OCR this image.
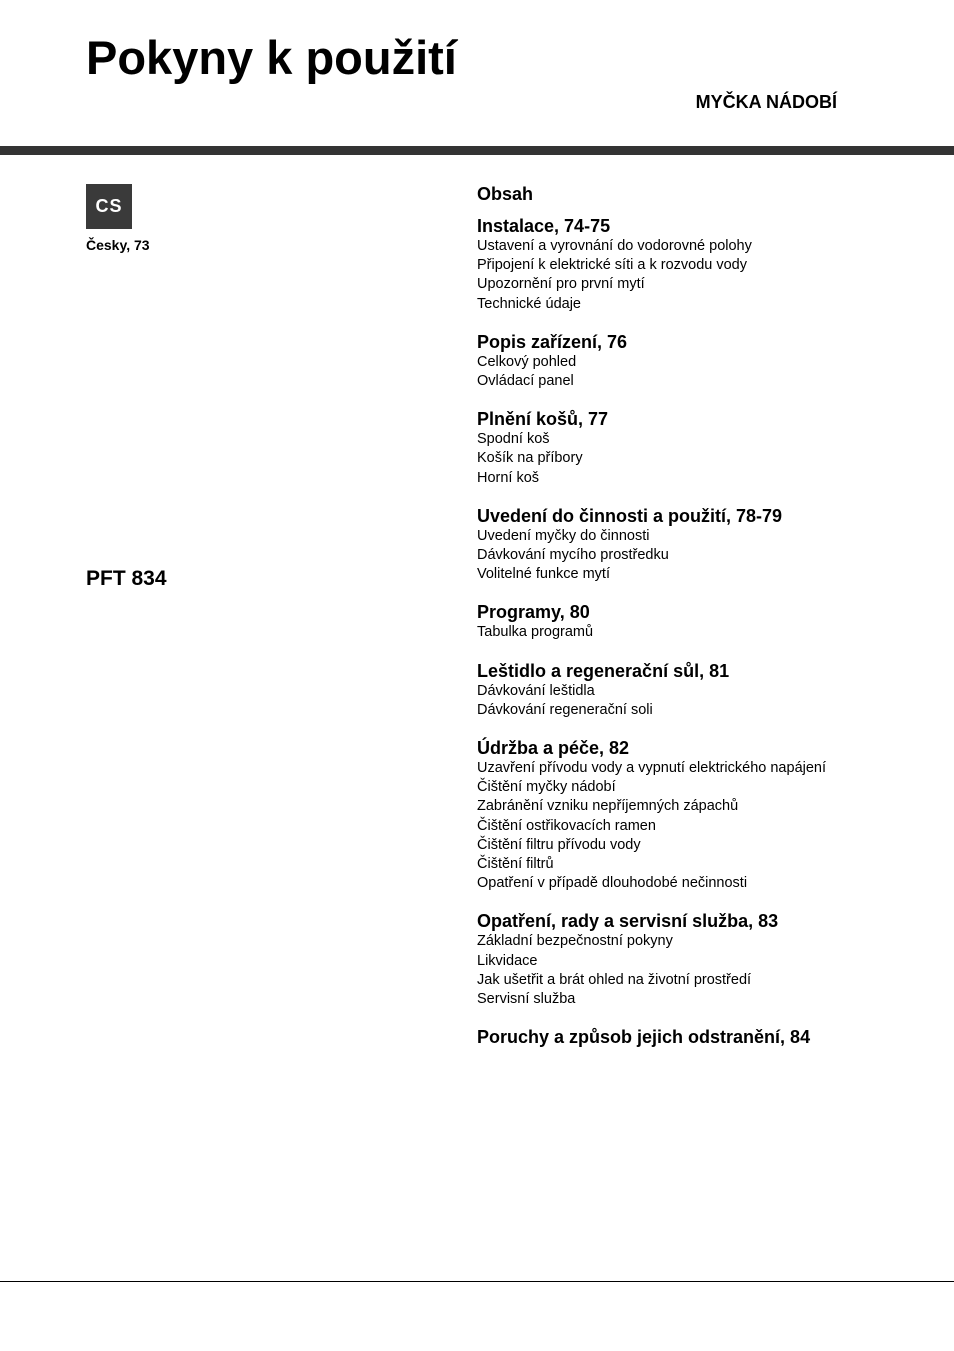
Pokyny k použití
MYČKA NÁDOBÍ
CS
Česky, 73
PFT 834
Obsah
Instalace, 74-75
Ustavení a vyrovnání do vodorovné polohy
Připojení k elektrické síti a k rozvodu vody
Upozornění pro první mytí
Technické údaje
Popis zařízení, 76
Celkový pohled
Ovládací panel
Plnění košů, 77
Spodní koš
Košík na příbory
Horní koš
Uvedení do činnosti a použití, 78-79
Uvedení myčky do činnosti
Dávkování mycího prostředku
Volitelné funkce mytí
Programy, 80
Tabulka programů
Leštidlo a regenerační sůl, 81
Dávkování leštidla
Dávkování regenerační soli
Údržba a péče, 82
Uzavření přívodu vody a vypnutí elektrického napájení
Čištění myčky nádobí
Zabránění vzniku nepříjemných zápachů
Čištění ostřikovacích ramen
Čištění filtru přívodu vody
Čištění filtrů
Opatření v případě dlouhodobé nečinnosti
Opatření, rady a servisní služba, 83
Základní bezpečnostní pokyny
Likvidace
Jak ušetřit a brát ohled na životní prostředí
Servisní služba
Poruchy a způsob jejich odstranění, 84
